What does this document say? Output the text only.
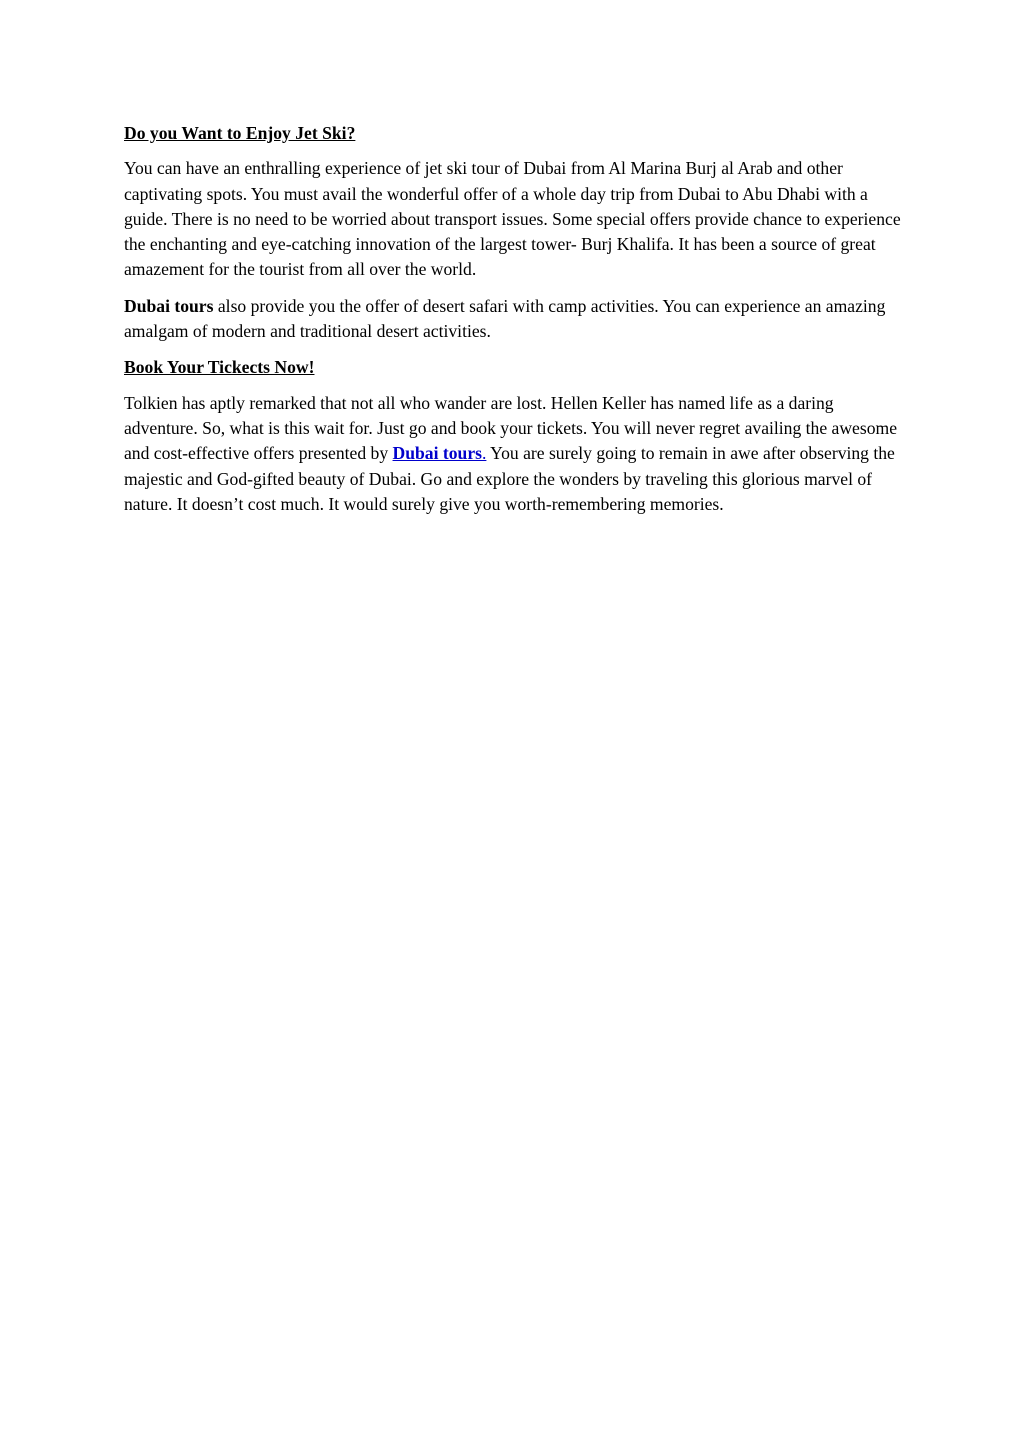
Do you Want to Enjoy Jet Ski?

You can have an enthralling experience of jet ski tour of Dubai from Al Marina Burj al Arab and other captivating spots. You must avail the wonderful offer of a whole day trip from Dubai to Abu Dhabi with a guide. There is no need to be worried about transport issues. Some special offers provide chance to experience the enchanting and eye-catching innovation of the largest tower- Burj Khalifa. It has been a source of great amazement for the tourist from all over the world.

Dubai tours also provide you the offer of desert safari with camp activities. You can experience an amazing amalgam of modern and traditional desert activities.

Book Your Tickects Now!

Tolkien has aptly remarked that not all who wander are lost. Hellen Keller has named life as a daring adventure. So, what is this wait for. Just go and book your tickets. You will never regret availing the awesome and cost-effective offers presented by Dubai tours. You are surely going to remain in awe after observing the majestic and God-gifted beauty of Dubai. Go and explore the wonders by traveling this glorious marvel of nature. It doesn’t cost much. It would surely give you worth-remembering memories.
